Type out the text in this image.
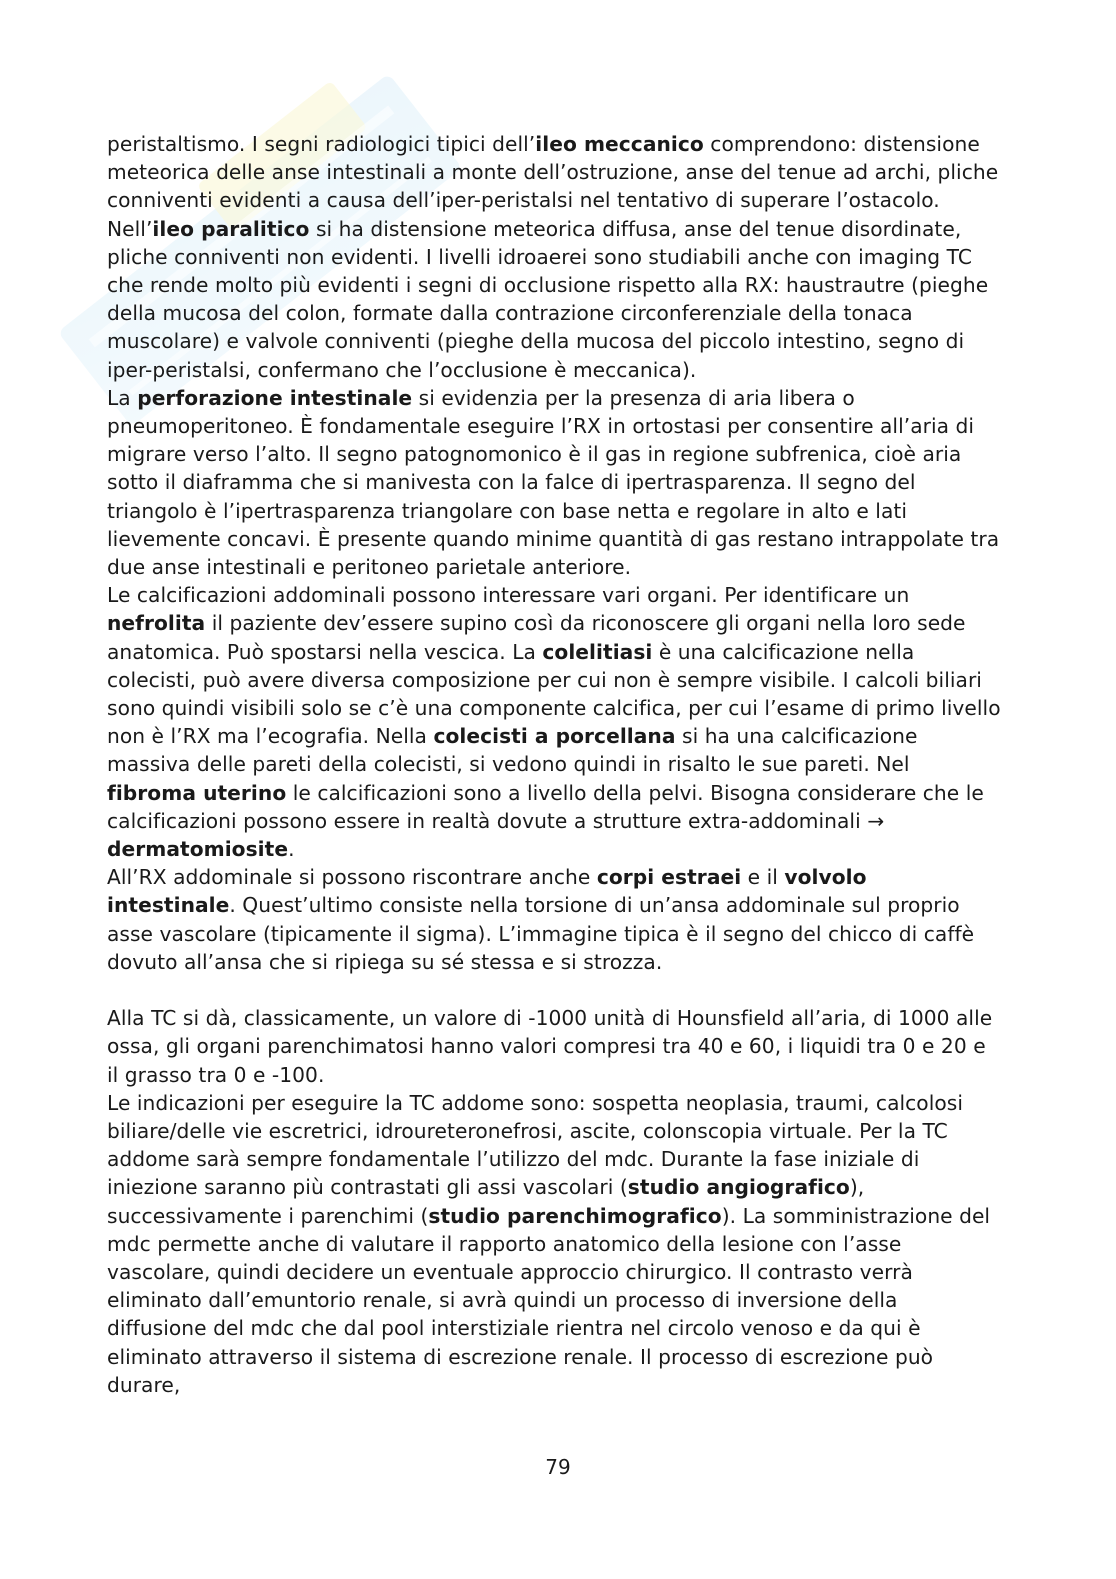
peristaltismo. I segni radiologici tipici dell’ileo meccanico comprendono: distensione meteorica delle anse intestinali a monte dell’ostruzione, anse del tenue ad archi, pliche conniventi evidenti a causa dell’iper-peristalsi nel tentativo di superare l’ostacolo. Nell’ileo paralitico si ha distensione meteorica diffusa, anse del tenue disordinate, pliche conniventi non evidenti. I livelli idroaerei sono studiabili anche con imaging TC che rende molto più evidenti i segni di occlusione rispetto alla RX: haustrautre (pieghe della mucosa del colon, formate dalla contrazione circonferenziale della tonaca muscolare) e valvole conniventi (pieghe della mucosa del piccolo intestino, segno di iper-peristalsi, confermano che l’occlusione è meccanica).

La perforazione intestinale si evidenzia per la presenza di aria libera o pneumoperitoneo. È fondamentale eseguire l’RX in ortostasi per consentire all’aria di migrare verso l’alto. Il segno patognomonico è il gas in regione subfrenica, cioè aria sotto il diaframma che si manivesta con la falce di ipertrasparenza. Il segno del triangolo è l’ipertrasparenza triangolare con base netta e regolare in alto e lati lievemente concavi. È presente quando minime quantità di gas restano intrappolate tra due anse intestinali e peritoneo parietale anteriore.

Le calcificazioni addominali possono interessare vari organi. Per identificare un nefrolita il paziente dev’essere supino così da riconoscere gli organi nella loro sede anatomica. Può spostarsi nella vescica. La colelitiasi è una calcificazione nella colecisti, può avere diversa composizione per cui non è sempre visibile. I calcoli biliari sono quindi visibili solo se c’è una componente calcifica, per cui l’esame di primo livello non è l’RX ma l’ecografia. Nella colecisti a porcellana si ha una calcificazione massiva delle pareti della colecisti, si vedono quindi in risalto le sue pareti. Nel fibroma uterino le calcificazioni sono a livello della pelvi. Bisogna considerare che le calcificazioni possono essere in realtà dovute a strutture extra-addominali → dermatomiosite.

All’RX addominale si possono riscontrare anche corpi estraei e il volvolo intestinale. Quest’ultimo consiste nella torsione di un’ansa addominale sul proprio asse vascolare (tipicamente il sigma). L’immagine tipica è il segno del chicco di caffè dovuto all’ansa che si ripiega su sé stessa e si strozza.

Alla TC si dà, classicamente, un valore di -1000 unità di Hounsfield all’aria, di 1000 alle ossa, gli organi parenchimatosi hanno valori compresi tra 40 e 60, i liquidi tra 0 e 20 e il grasso tra 0 e -100.

Le indicazioni per eseguire la TC addome sono: sospetta neoplasia, traumi, calcolosi biliare/delle vie escretrici, idroureteronefrosi, ascite, colonscopia virtuale. Per la TC addome sarà sempre fondamentale l’utilizzo del mdc. Durante la fase iniziale di iniezione saranno più contrastati gli assi vascolari (studio angiografico), successivamente i parenchimi (studio parenchimografico). La somministrazione del mdc permette anche di valutare il rapporto anatomico della lesione con l’asse vascolare, quindi decidere un eventuale approccio chirurgico. Il contrasto verrà eliminato dall’emuntorio renale, si avrà quindi un processo di inversione della diffusione del mdc che dal pool interstiziale rientra nel circolo venoso e da qui è eliminato attraverso il sistema di escrezione renale. Il processo di escrezione può durare,

79
